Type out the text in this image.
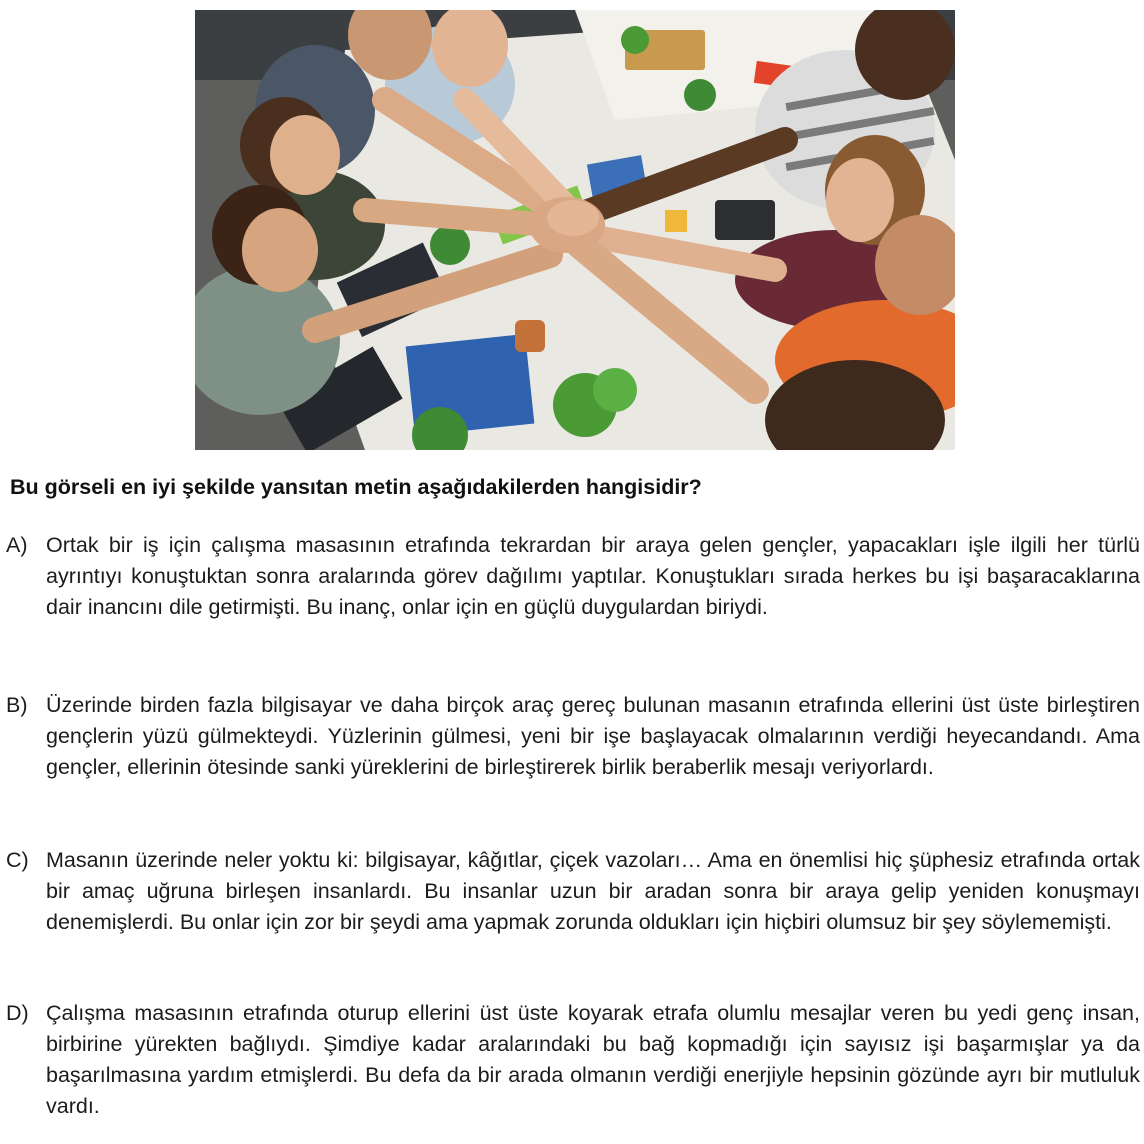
Bu görseli en iyi şekilde yansıtan metin aşağıdakilerden hangisidir?
A) Ortak bir iş için çalışma masasının etrafında tekrardan bir araya gelen gençler, yapacakları işle ilgili her türlü ayrıntıyı konuştuktan sonra aralarında görev dağılımı yaptılar. Konuştukları sırada herkes bu işi başaracaklarına dair inancını dile getirmişti. Bu inanç, onlar için en güçlü duygulardan biriydi.
B) Üzerinde birden fazla bilgisayar ve daha birçok araç gereç bulunan masanın etrafında ellerini üst üste birleştiren gençlerin yüzü gülmekteydi. Yüzlerinin gülmesi, yeni bir işe başlayacak olmalarının verdiği heyecandandı. Ama gençler, ellerinin ötesinde sanki yüreklerini de birleştirerek birlik beraberlik mesajı veriyorlardı.
C) Masanın üzerinde neler yoktu ki: bilgisayar, kâğıtlar, çiçek vazoları… Ama en önemlisi hiç şüphesiz etrafında ortak bir amaç uğruna birleşen insanlardı. Bu insanlar uzun bir aradan sonra bir araya gelip yeniden konuşmayı denemişlerdi. Bu onlar için zor bir şeydi ama yapmak zorunda oldukları için hiçbiri olumsuz bir şey söylememişti.
D) Çalışma masasının etrafında oturup ellerini üst üste koyarak etrafa olumlu mesajlar veren bu yedi genç insan, birbirine yürekten bağlıydı. Şimdiye kadar aralarındaki bu bağ kopmadığı için sayısız işi başarmışlar ya da başarılmasına yardım etmişlerdi. Bu defa da bir arada olmanın verdiği enerjiyle hepsinin gözünde ayrı bir mutluluk vardı.
